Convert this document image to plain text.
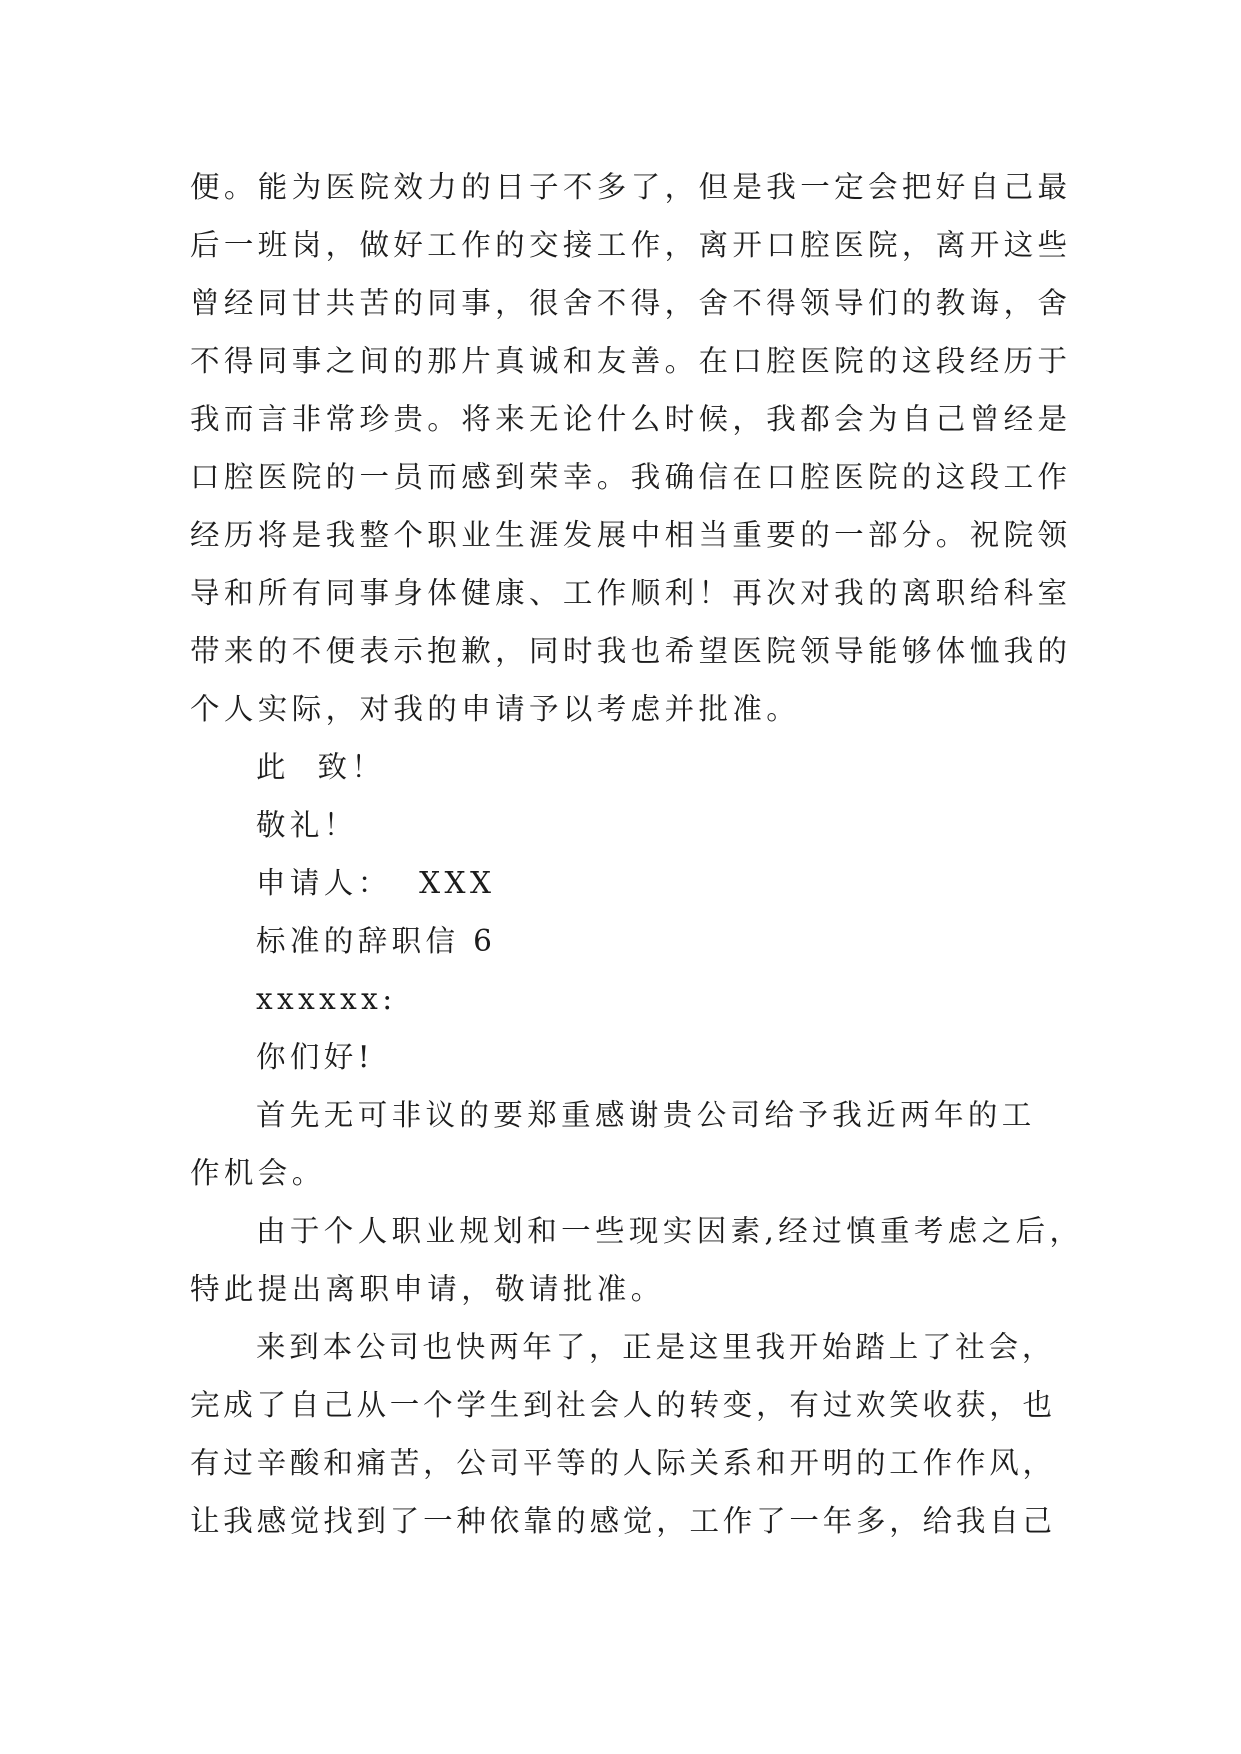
便。能为医院效力的日子不多了，但是我一定会把好自己最
后一班岗，做好工作的交接工作，离开口腔医院，离开这些
曾经同甘共苦的同事，很舍不得，舍不得领导们的教诲，舍
不得同事之间的那片真诚和友善。在口腔医院的这段经历于
我而言非常珍贵。将来无论什么时候，我都会为自己曾经是
口腔医院的一员而感到荣幸。我确信在口腔医院的这段工作
经历将是我整个职业生涯发展中相当重要的一部分。祝院领
导和所有同事身体健康、工作顺利！再次对我的离职给科室
带来的不便表示抱歉，同时我也希望医院领导能够体恤我的
个人实际，对我的申请予以考虑并批准。

此  致！

敬礼！

申请人：  XXX

标准的辞职信 6

xxxxxx:

你们好!

首先无可非议的要郑重感谢贵公司给予我近两年的工
作机会。

由于个人职业规划和一些现实因素,经过慎重考虑之后，
特此提出离职申请，敬请批准。

来到本公司也快两年了，正是这里我开始踏上了社会，
完成了自己从一个学生到社会人的转变，有过欢笑收获，也
有过辛酸和痛苦，公司平等的人际关系和开明的工作作风，
让我感觉找到了一种依靠的感觉，工作了一年多，给我自己
